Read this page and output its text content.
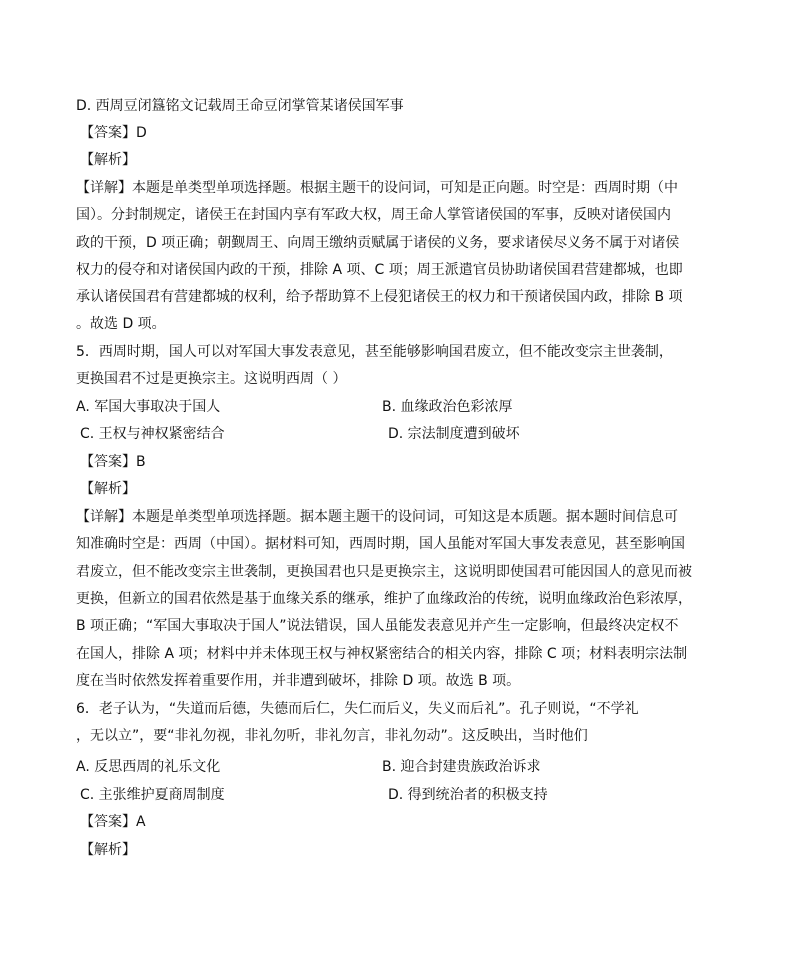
D. 西周豆闭簋铭文记载周王命豆闭掌管某诸侯国军事
【答案】D
【解析】
【详解】本题是单类型单项选择题。根据主题干的设问词，可知是正向题。时空是：西周时期（中
国）。分封制规定，诸侯王在封国内享有军政大权，周王命人掌管诸侯国的军事，反映对诸侯国内
政的干预，D 项正确；朝觐周王、向周王缴纳贡赋属于诸侯的义务，要求诸侯尽义务不属于对诸侯
权力的侵夺和对诸侯国内政的干预，排除 A 项、C 项；周王派遣官员协助诸侯国君营建都城，也即
承认诸侯国君有营建都城的权利，给予帮助算不上侵犯诸侯王的权力和干预诸侯国内政，排除 B 项
。故选 D 项。
5．西周时期，国人可以对军国大事发表意见，甚至能够影响国君废立，但不能改变宗主世袭制，
更换国君不过是更换宗主。这说明西周（ ）
A. 军国大事取决于国人	B. 血缘政治色彩浓厚
C. 王权与神权紧密结合	D. 宗法制度遭到破坏
【答案】B
【解析】
【详解】本题是单类型单项选择题。据本题主题干的设问词，可知这是本质题。据本题时间信息可
知准确时空是：西周（中国）。据材料可知，西周时期，国人虽能对军国大事发表意见，甚至影响国
君废立，但不能改变宗主世袭制，更换国君也只是更换宗主，这说明即使国君可能因国人的意见而被
更换，但新立的国君依然是基于血缘关系的继承，维护了血缘政治的传统，说明血缘政治色彩浓厚，
B 项正确；“军国大事取决于国人”说法错误，国人虽能发表意见并产生一定影响，但最终决定权不
在国人，排除 A 项；材料中并未体现王权与神权紧密结合的相关内容，排除 C 项；材料表明宗法制
度在当时依然发挥着重要作用，并非遭到破坏，排除 D 项。故选 B 项。
6．老子认为，“失道而后德，失德而后仁，失仁而后义，失义而后礼”。孔子则说，“不学礼
，无以立”，要“非礼勿视，非礼勿听，非礼勿言，非礼勿动”。这反映出，当时他们
A. 反思西周的礼乐文化	B. 迎合封建贵族政治诉求
C. 主张维护夏商周制度	D. 得到统治者的积极支持
【答案】A
【解析】
